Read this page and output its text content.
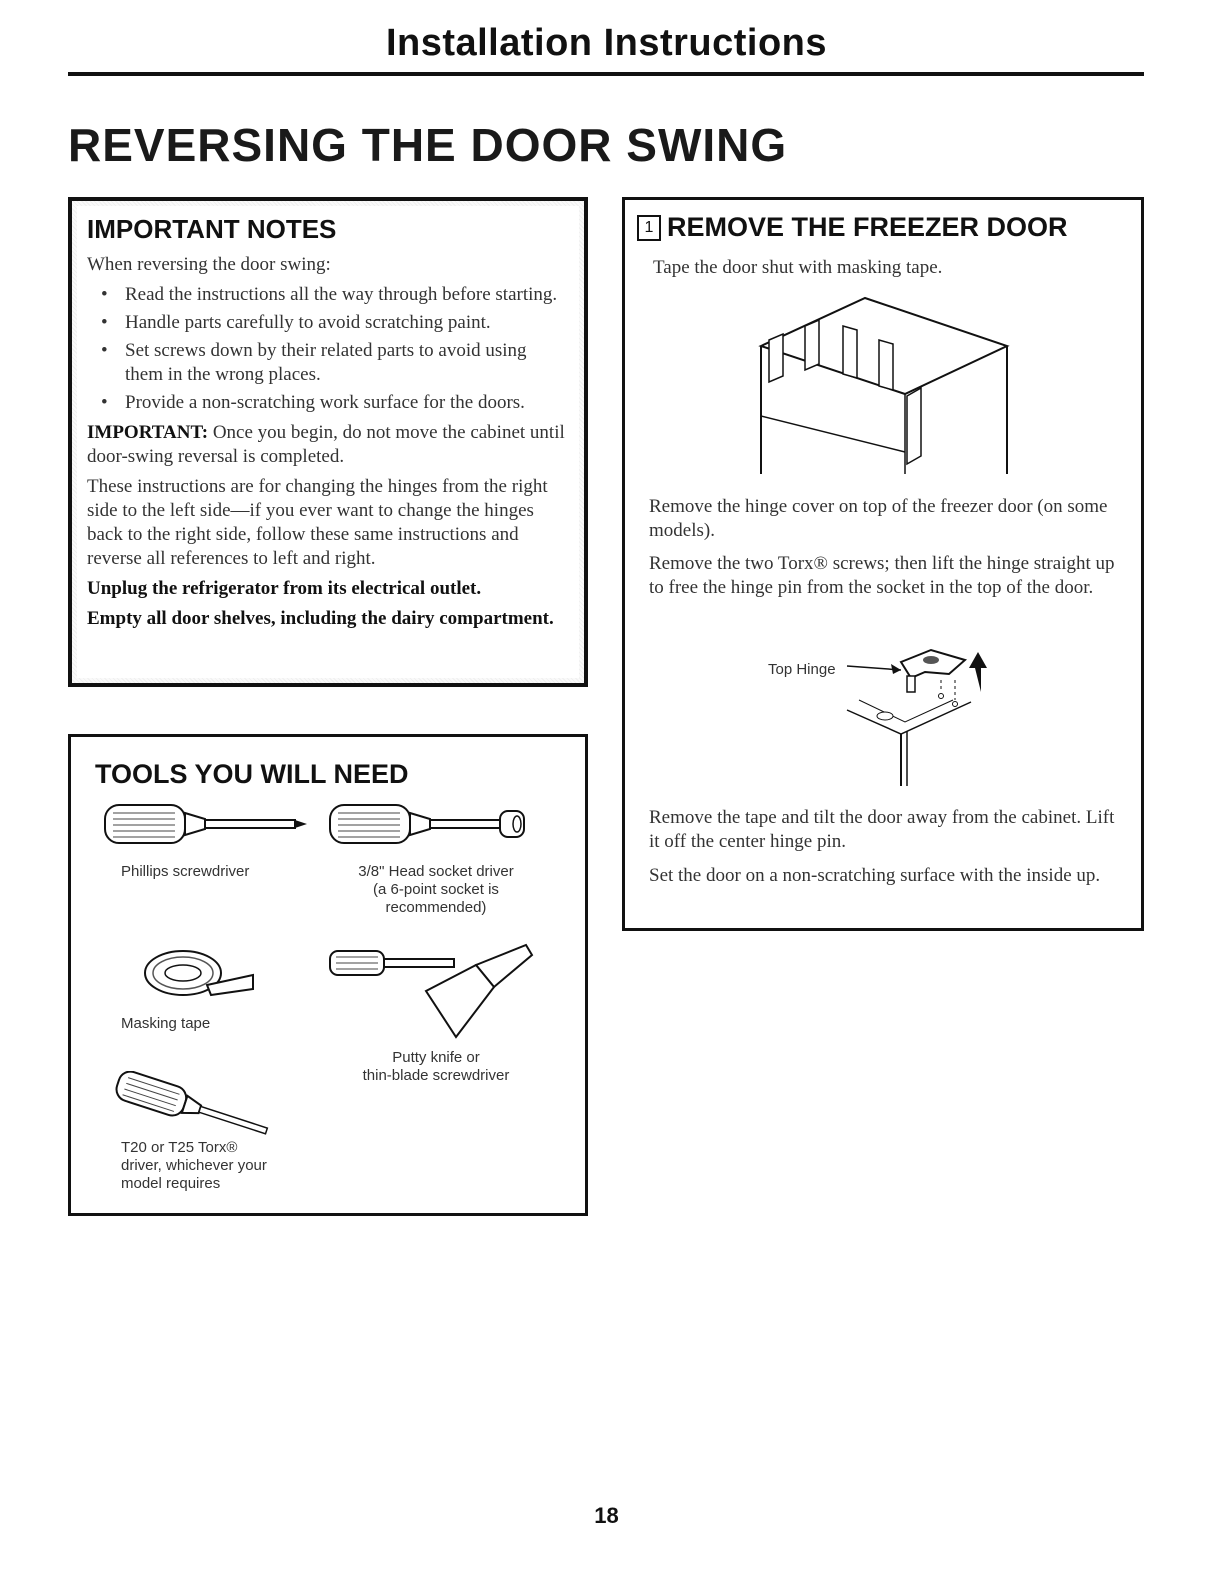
Installation Instructions
REVERSING THE DOOR SWING
IMPORTANT NOTES

When reversing the door swing:

• Read the instructions all the way through before starting.
• Handle parts carefully to avoid scratching paint.
• Set screws down by their related parts to avoid using them in the wrong places.
• Provide a non-scratching work surface for the doors.

IMPORTANT: Once you begin, do not move the cabinet until door-swing reversal is completed.

These instructions are for changing the hinges from the right side to the left side—if you ever want to change the hinges back to the right side, follow these same instructions and reverse all references to left and right.

Unplug the refrigerator from its electrical outlet.

Empty all door shelves, including the dairy compartment.

TOOLS YOU WILL NEED
Phillips screwdriver	3/8" Head socket driver
(a 6-point socket is
recommended)
Masking tape
Putty knife or
thin-blade screwdriver
T20 or T25 Torx®
driver, whichever your
model requires
1 REMOVE THE FREEZER DOOR
Tape the door shut with masking tape.
Remove the hinge cover on top of the freezer door (on some models).
Remove the two Torx® screws; then lift the hinge straight up to free the hinge pin from the socket in the top of the door.
Top Hinge
Remove the tape and tilt the door away from the cabinet. Lift it off the center hinge pin.
Set the door on a non-scratching surface with the inside up.
18
